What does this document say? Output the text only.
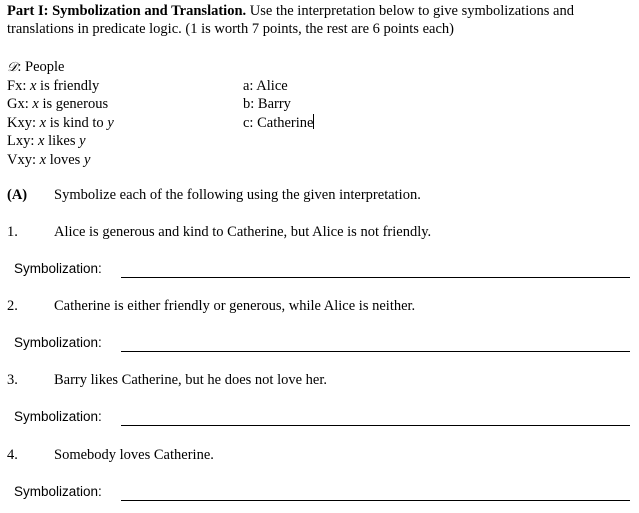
Part I: Symbolization and Translation. Use the interpretation below to give symbolizations and translations in predicate logic. (1 is worth 7 points, the rest are 6 points each)
𝒟: People
Fx: x is friendly
Gx: x is generous
Kxy: x is kind to y
Lxy: x likes y
Vxy: x loves y
a: Alice
b: Barry
c: Catherine
(A) Symbolize each of the following using the given interpretation.
1. Alice is generous and kind to Catherine, but Alice is not friendly.
Symbolization:
2. Catherine is either friendly or generous, while Alice is neither.
Symbolization:
3. Barry likes Catherine, but he does not love her.
Symbolization:
4. Somebody loves Catherine.
Symbolization:
